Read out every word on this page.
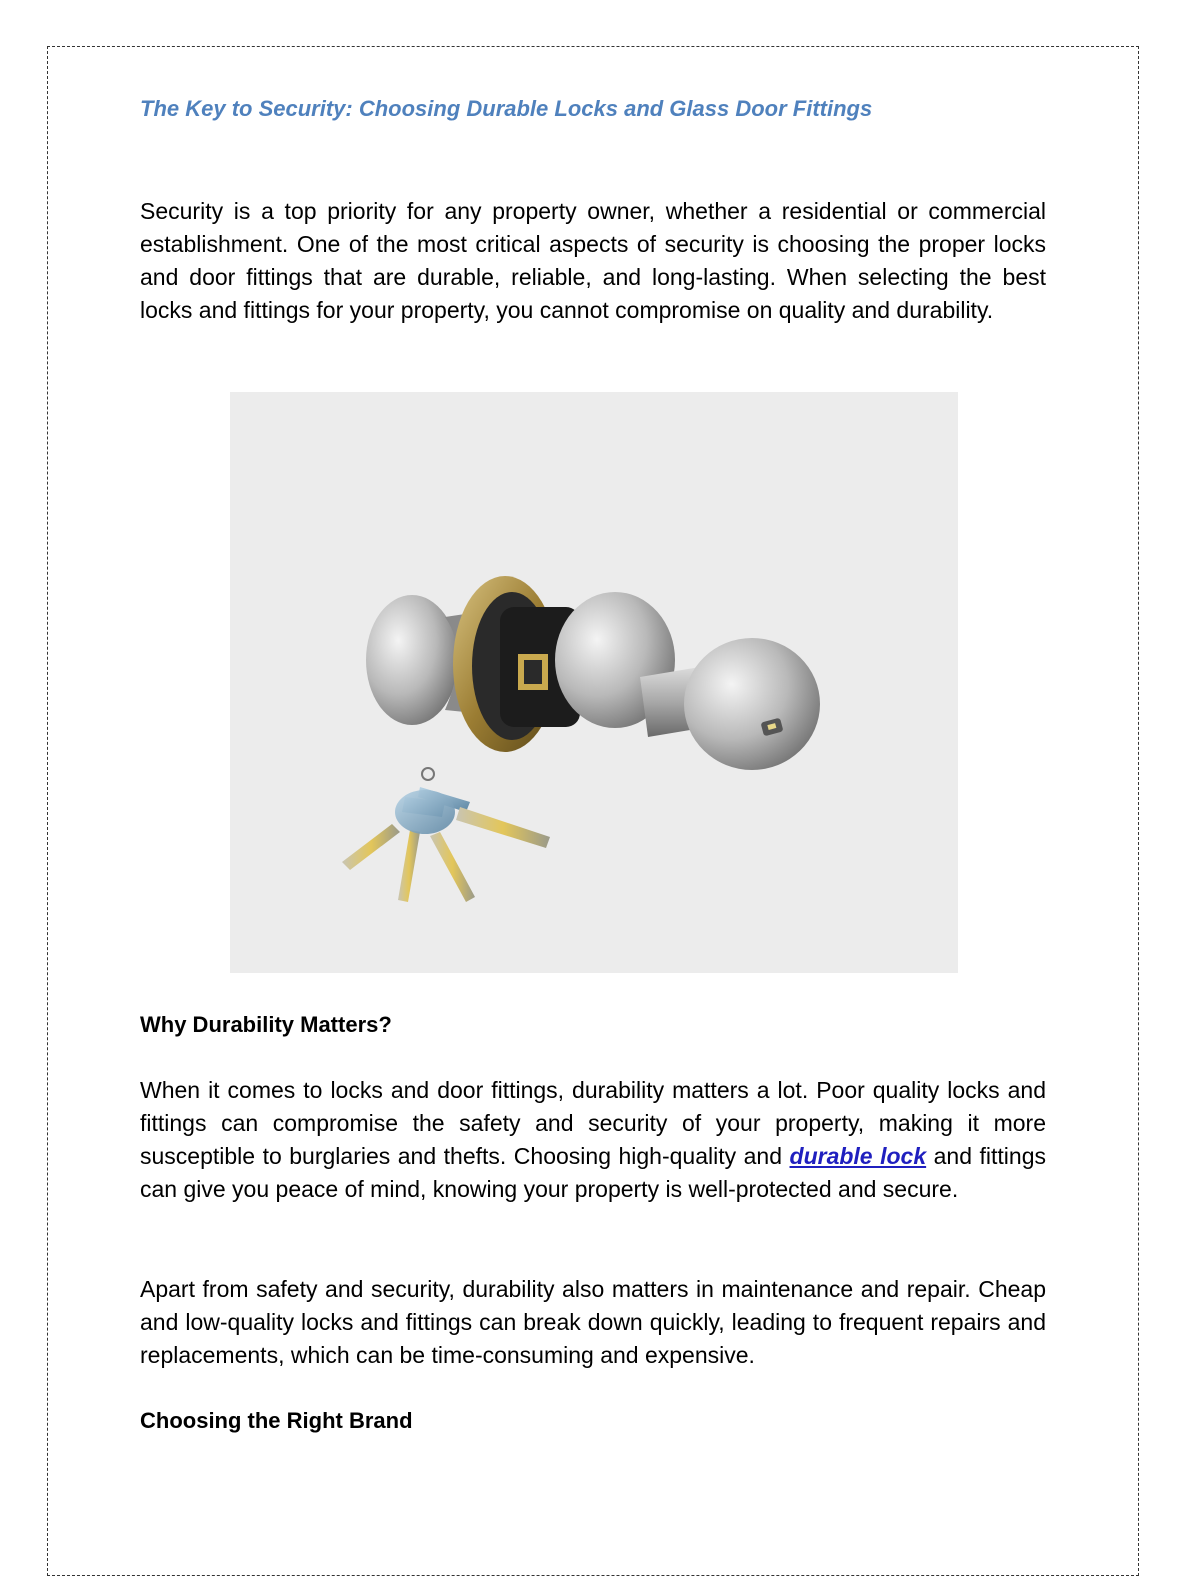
The Key to Security: Choosing Durable Locks and Glass Door Fittings

Security is a top priority for any property owner, whether a residential or commercial establishment. One of the most critical aspects of security is choosing the proper locks and door fittings that are durable, reliable, and long-lasting. When selecting the best locks and fittings for your property, you cannot compromise on quality and durability.

Why Durability Matters?

When it comes to locks and door fittings, durability matters a lot. Poor quality locks and fittings can compromise the safety and security of your property, making it more susceptible to burglaries and thefts. Choosing high-quality and durable lock and fittings can give you peace of mind, knowing your property is well-protected and secure.

Apart from safety and security, durability also matters in maintenance and repair. Cheap and low-quality locks and fittings can break down quickly, leading to frequent repairs and replacements, which can be time-consuming and expensive.

Choosing the Right Brand
